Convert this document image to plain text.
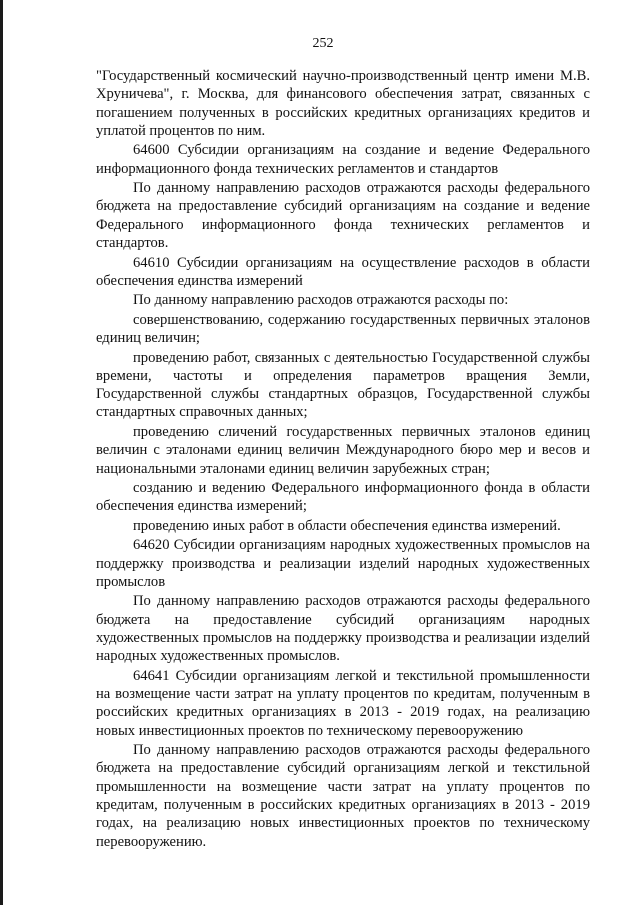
252

"Государственный космический научно-производственный центр имени М.В. Хруничева", г. Москва, для финансового обеспечения затрат, связанных с погашением полученных в российских кредитных организациях кредитов и уплатой процентов по ним.

64600 Субсидии организациям на создание и ведение Федерального информационного фонда технических регламентов и стандартов

По данному направлению расходов отражаются расходы федерального бюджета на предоставление субсидий организациям на создание и ведение Федерального информационного фонда технических регламентов и стандартов.

64610 Субсидии организациям на осуществление расходов в области обеспечения единства измерений

По данному направлению расходов отражаются расходы по:

совершенствованию, содержанию государственных первичных эталонов единиц величин;

проведению работ, связанных с деятельностью Государственной службы времени, частоты и определения параметров вращения Земли, Государственной службы стандартных образцов, Государственной службы стандартных справочных данных;

проведению сличений государственных первичных эталонов единиц величин с эталонами единиц величин Международного бюро мер и весов и национальными эталонами единиц величин зарубежных стран;

созданию и ведению Федерального информационного фонда в области обеспечения единства измерений;

проведению иных работ в области обеспечения единства измерений.

64620 Субсидии организациям народных художественных промыслов на поддержку производства и реализации изделий народных художественных промыслов

По данному направлению расходов отражаются расходы федерального бюджета на предоставление субсидий организациям народных художественных промыслов на поддержку производства и реализации изделий народных художественных промыслов.

64641 Субсидии организациям легкой и текстильной промышленности на возмещение части затрат на уплату процентов по кредитам, полученным в российских кредитных организациях в 2013 - 2019 годах, на реализацию новых инвестиционных проектов по техническому перевооружению

По данному направлению расходов отражаются расходы федерального бюджета на предоставление субсидий организациям легкой и текстильной промышленности на возмещение части затрат на уплату процентов по кредитам, полученным в российских кредитных организациях в 2013 - 2019 годах, на реализацию новых инвестиционных проектов по техническому перевооружению.
